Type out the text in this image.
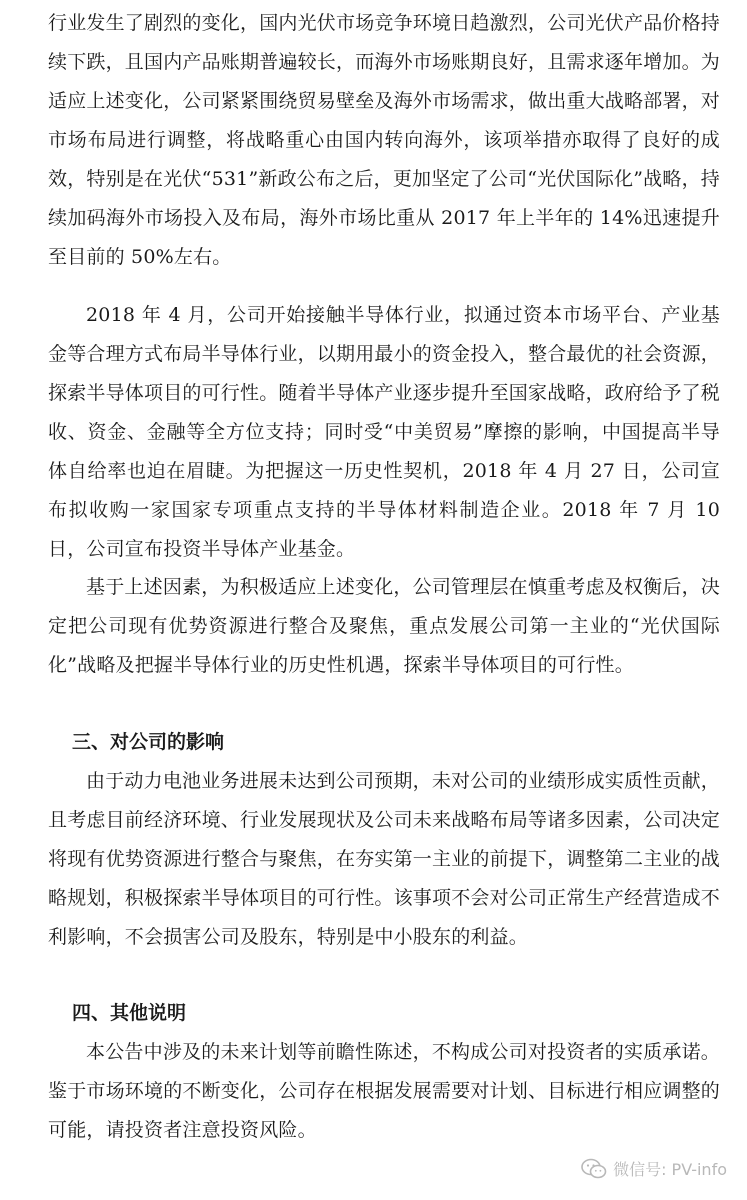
行业发生了剧烈的变化，国内光伏市场竞争环境日趋激烈，公司光伏产品价格持续下跌，且国内产品账期普遍较长，而海外市场账期良好，且需求逐年增加。为适应上述变化，公司紧紧围绕贸易壁垒及海外市场需求，做出重大战略部署，对市场布局进行调整，将战略重心由国内转向海外，该项举措亦取得了良好的成效，特别是在光伏“531”新政公布之后，更加坚定了公司“光伏国际化”战略，持续加码海外市场投入及布局，海外市场比重从 2017 年上半年的 14%迅速提升至目前的 50%左右。

2018 年 4 月，公司开始接触半导体行业，拟通过资本市场平台、产业基金等合理方式布局半导体行业，以期用最小的资金投入，整合最优的社会资源，探索半导体项目的可行性。随着半导体产业逐步提升至国家战略，政府给予了税收、资金、金融等全方位支持；同时受“中美贸易”摩擦的影响，中国提高半导体自给率也迫在眉睫。为把握这一历史性契机，2018 年 4 月 27 日，公司宣布拟收购一家国家专项重点支持的半导体材料制造企业。2018 年 7 月 10 日，公司宣布投资半导体产业基金。

基于上述因素，为积极适应上述变化，公司管理层在慎重考虑及权衡后，决定把公司现有优势资源进行整合及聚焦，重点发展公司第一主业的“光伏国际化”战略及把握半导体行业的历史性机遇，探索半导体项目的可行性。

三、对公司的影响

由于动力电池业务进展未达到公司预期，未对公司的业绩形成实质性贡献，且考虑目前经济环境、行业发展现状及公司未来战略布局等诸多因素，公司决定将现有优势资源进行整合与聚焦，在夯实第一主业的前提下，调整第二主业的战略规划，积极探索半导体项目的可行性。该事项不会对公司正常生产经营造成不利影响，不会损害公司及股东，特别是中小股东的利益。

四、其他说明

本公告中涉及的未来计划等前瞻性陈述，不构成公司对投资者的实质承诺。鉴于市场环境的不断变化，公司存在根据发展需要对计划、目标进行相应调整的可能，请投资者注意投资风险。

微信号: PV-info
